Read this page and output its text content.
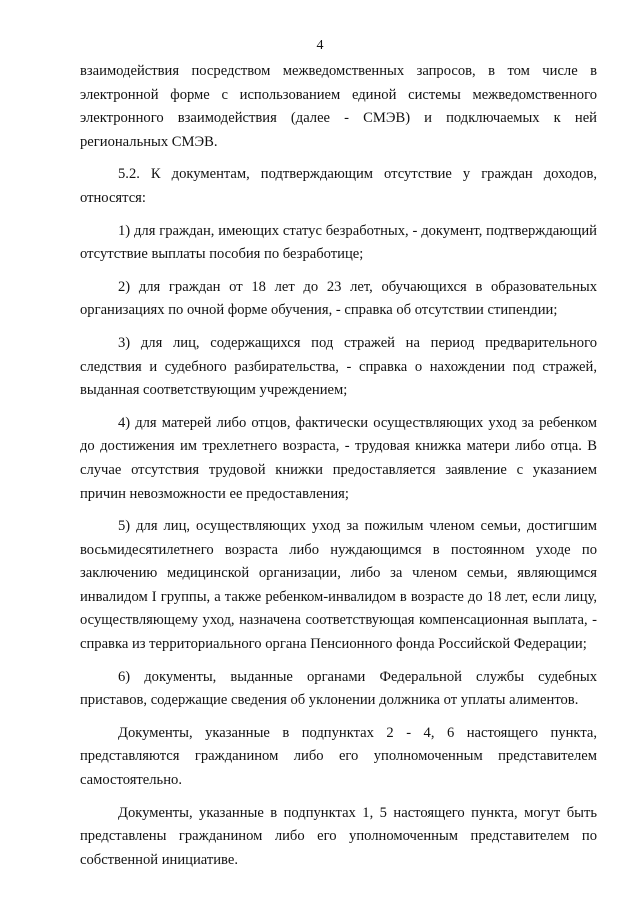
4

взаимодействия посредством межведомственных запросов, в том числе в электронной форме с использованием единой системы межведомственного электронного взаимодействия (далее - СМЭВ) и подключаемых к ней региональных СМЭВ.

5.2. К документам, подтверждающим отсутствие у граждан доходов, относятся:

1) для граждан, имеющих статус безработных, - документ, подтверждающий отсутствие выплаты пособия по безработице;

2) для граждан от 18 лет до 23 лет, обучающихся в образовательных организациях по очной форме обучения, - справка об отсутствии стипендии;

3) для лиц, содержащихся под стражей на период предварительного следствия и судебного разбирательства, - справка о нахождении под стражей, выданная соответствующим учреждением;

4) для матерей либо отцов, фактически осуществляющих уход за ребенком до достижения им трехлетнего возраста, - трудовая книжка матери либо отца. В случае отсутствия трудовой книжки предоставляется заявление с указанием причин невозможности ее предоставления;

5) для лиц, осуществляющих уход за пожилым членом семьи, достигшим восьмидесятилетнего возраста либо нуждающимся в постоянном уходе по заключению медицинской организации, либо за членом семьи, являющимся инвалидом I группы, а также ребенком-инвалидом в возрасте до 18 лет, если лицу, осуществляющему уход, назначена соответствующая компенсационная выплата, - справка из территориального органа Пенсионного фонда Российской Федерации;

6) документы, выданные органами Федеральной службы судебных приставов, содержащие сведения об уклонении должника от уплаты алиментов.

Документы, указанные в подпунктах 2 - 4, 6 настоящего пункта, представляются гражданином либо его уполномоченным представителем самостоятельно.

Документы, указанные в подпунктах 1, 5 настоящего пункта, могут быть представлены гражданином либо его уполномоченным представителем по собственной инициативе.
